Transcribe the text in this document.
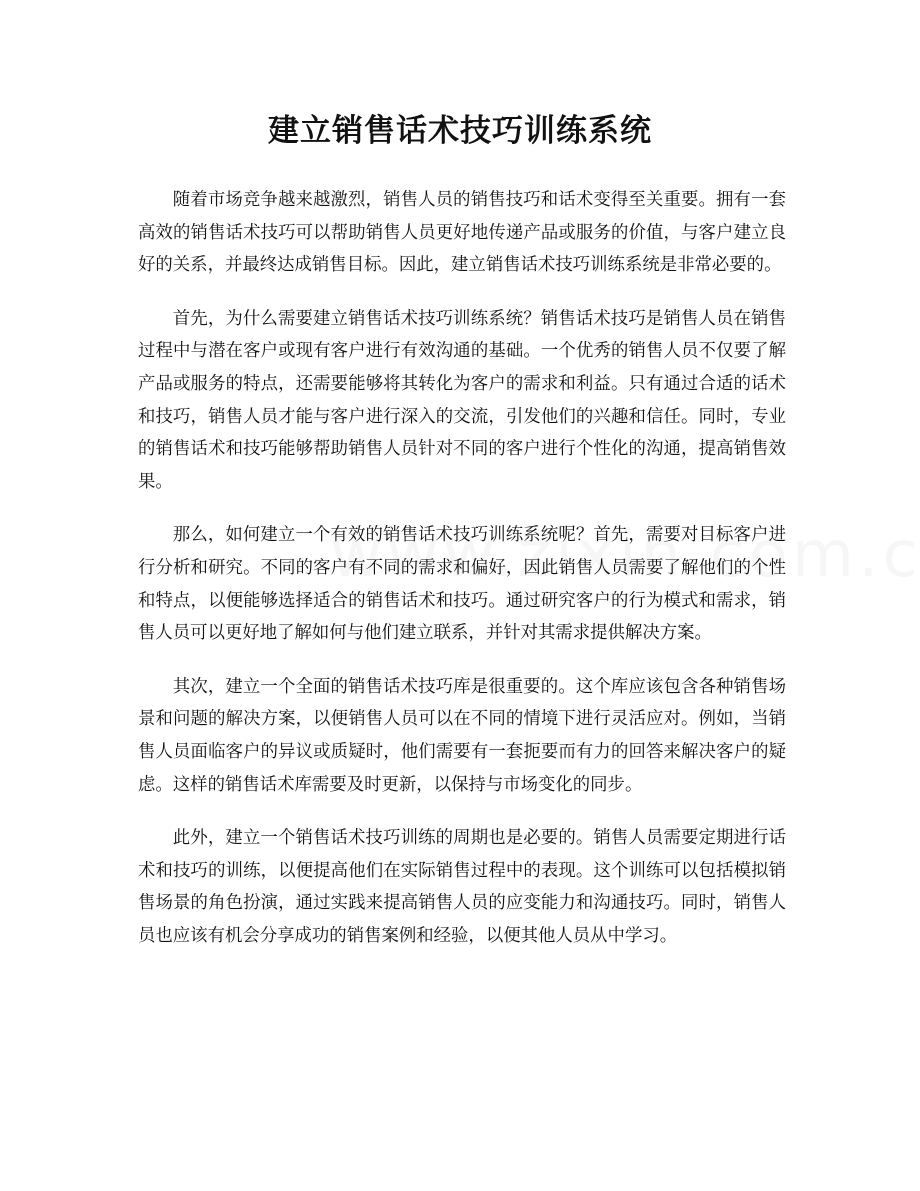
建立销售话术技巧训练系统

随着市场竞争越来越激烈，销售人员的销售技巧和话术变得至关重要。拥有一套高效的销售话术技巧可以帮助销售人员更好地传递产品或服务的价值，与客户建立良好的关系，并最终达成销售目标。因此，建立销售话术技巧训练系统是非常必要的。

首先，为什么需要建立销售话术技巧训练系统？销售话术技巧是销售人员在销售过程中与潜在客户或现有客户进行有效沟通的基础。一个优秀的销售人员不仅要了解产品或服务的特点，还需要能够将其转化为客户的需求和利益。只有通过合适的话术和技巧，销售人员才能与客户进行深入的交流，引发他们的兴趣和信任。同时，专业的销售话术和技巧能够帮助销售人员针对不同的客户进行个性化的沟通，提高销售效果。

那么，如何建立一个有效的销售话术技巧训练系统呢？首先，需要对目标客户进行分析和研究。不同的客户有不同的需求和偏好，因此销售人员需要了解他们的个性和特点，以便能够选择适合的销售话术和技巧。通过研究客户的行为模式和需求，销售人员可以更好地了解如何与他们建立联系，并针对其需求提供解决方案。

其次，建立一个全面的销售话术技巧库是很重要的。这个库应该包含各种销售场景和问题的解决方案，以便销售人员可以在不同的情境下进行灵活应对。例如，当销售人员面临客户的异议或质疑时，他们需要有一套扼要而有力的回答来解决客户的疑虑。这样的销售话术库需要及时更新，以保持与市场变化的同步。

此外，建立一个销售话术技巧训练的周期也是必要的。销售人员需要定期进行话术和技巧的训练，以便提高他们在实际销售过程中的表现。这个训练可以包括模拟销售场景的角色扮演，通过实践来提高销售人员的应变能力和沟通技巧。同时，销售人员也应该有机会分享成功的销售案例和经验，以便其他人员从中学习。
